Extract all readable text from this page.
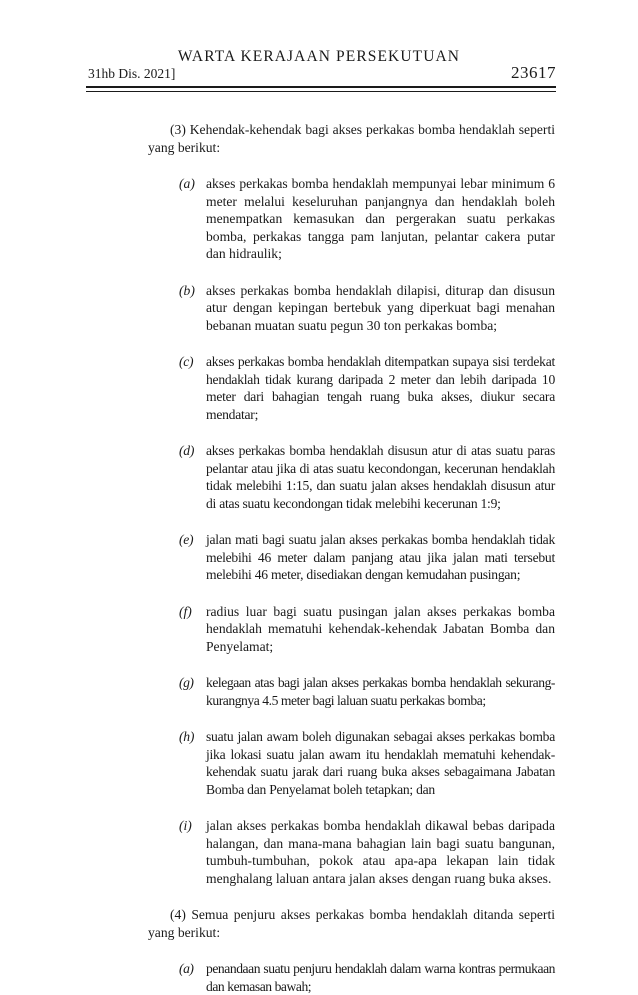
WARTA KERAJAAN PERSEKUTUAN
31hb Dis. 2021]	23617

(3) Kehendak-kehendak bagi akses perkakas bomba hendaklah seperti yang berikut:

(a) akses perkakas bomba hendaklah mempunyai lebar minimum 6 meter melalui keseluruhan panjangnya dan hendaklah boleh menempatkan kemasukan dan pergerakan suatu perkakas bomba, perkakas tangga pam lanjutan, pelantar cakera putar dan hidraulik;
(b) akses perkakas bomba hendaklah dilapisi, diturap dan disusun atur dengan kepingan bertebuk yang diperkuat bagi menahan bebanan muatan suatu pegun 30 ton perkakas bomba;
(c) akses perkakas bomba hendaklah ditempatkan supaya sisi terdekat hendaklah tidak kurang daripada 2 meter dan lebih daripada 10 meter dari bahagian tengah ruang buka akses, diukur secara mendatar;
(d) akses perkakas bomba hendaklah disusun atur di atas suatu paras pelantar atau jika di atas suatu kecondongan, kecerunan hendaklah tidak melebihi 1:15, dan suatu jalan akses hendaklah disusun atur di atas suatu kecondongan tidak melebihi kecerunan 1:9;
(e) jalan mati bagi suatu jalan akses perkakas bomba hendaklah tidak melebihi 46 meter dalam panjang atau jika jalan mati tersebut melebihi 46 meter, disediakan dengan kemudahan pusingan;
(f) radius luar bagi suatu pusingan jalan akses perkakas bomba hendaklah mematuhi kehendak-kehendak Jabatan Bomba dan Penyelamat;
(g) kelegaan atas bagi jalan akses perkakas bomba hendaklah sekurang-kurangnya 4.5 meter bagi laluan suatu perkakas bomba;
(h) suatu jalan awam boleh digunakan sebagai akses perkakas bomba jika lokasi suatu jalan awam itu hendaklah mematuhi kehendak-kehendak suatu jarak dari ruang buka akses sebagaimana Jabatan Bomba dan Penyelamat boleh tetapkan; dan
(i) jalan akses perkakas bomba hendaklah dikawal bebas daripada halangan, dan mana-mana bahagian lain bagi suatu bangunan, tumbuh-tumbuhan, pokok atau apa-apa lekapan lain tidak menghalang laluan antara jalan akses dengan ruang buka akses.

(4) Semua penjuru akses perkakas bomba hendaklah ditanda seperti yang berikut:

(a) penandaan suatu penjuru hendaklah dalam warna kontras permukaan dan kemasan bawah;
